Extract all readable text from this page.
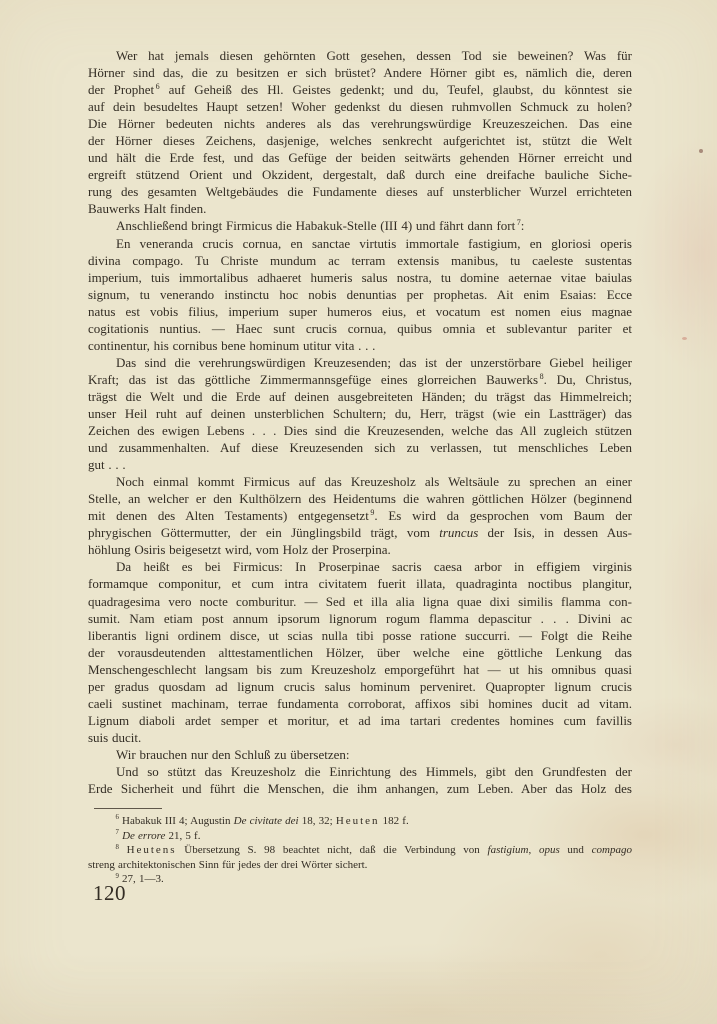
Wer hat jemals diesen gehörnten Gott gesehen, dessen Tod sie beweinen? Was für
Hörner sind das, die zu besitzen er sich brüstet? Andere Hörner gibt es, nämlich die, deren
der Prophet $^6$ auf Geheiß des Hl. Geistes gedenkt; und du, Teufel, glaubst, du könntest sie
auf dein besudeltes Haupt setzen! Woher gedenkst du diesen ruhmvollen Schmuck zu holen?
Die Hörner bedeuten nichts anderes als das verehrungswürdige Kreuzeszeichen. Das eine
der Hörner dieses Zeichens, dasjenige, welches senkrecht aufgerichtet ist, stützt die Welt
und hält die Erde fest, und das Gefüge der beiden seitwärts gehenden Hörner erreicht und
ergreift stützend Orient und Okzident, dergestalt, daß durch eine dreifache bauliche Siche-
rung des gesamten Weltgebäudes die Fundamente dieses auf unsterblicher Wurzel errichteten
Bauwerks Halt finden.
Anschließend bringt Firmicus die Habakuk-Stelle (III 4) und fährt dann fort $^7$:
En veneranda crucis cornua, en sanctae virtutis immortale fastigium, en gloriosi operis
divina compago. Tu Christe mundum ac terram extensis manibus, tu caeleste sustentas
imperium, tuis immortalibus adhaeret humeris salus nostra, tu domine aeternae vitae baiulas
signum, tu venerando instinctu hoc nobis denuntias per prophetas. Ait enim Esaias: Ecce
natus est vobis filius, imperium super humeros eius, et vocatum est nomen eius magnae
cogitationis nuntius. — Haec sunt crucis cornua, quibus omnia et sublevantur pariter et
continentur, his cornibus bene hominum utitur vita . . .
Das sind die verehrungswürdigen Kreuzesenden; das ist der unzerstörbare Giebel heiliger
Kraft; das ist das göttliche Zimmermannsgefüge eines glorreichen Bauwerks $^8$. Du, Christus,
trägst die Welt und die Erde auf deinen ausgebreiteten Händen; du trägst das Himmelreich;
unser Heil ruht auf deinen unsterblichen Schultern; du, Herr, trägst (wie ein Lastträger) das
Zeichen des ewigen Lebens . . . Dies sind die Kreuzesenden, welche das All zugleich stützen
und zusammenhalten. Auf diese Kreuzesenden sich zu verlassen, tut menschliches Leben
gut . . .
Noch einmal kommt Firmicus auf das Kreuzesholz als Weltsäule zu sprechen an einer
Stelle, an welcher er den Kulthölzern des Heidentums die wahren göttlichen Hölzer (beginnend
mit denen des Alten Testaments) entgegensetzt $^9$. Es wird da gesprochen vom Baum der
phrygischen Göttermutter, der ein Jünglingsbild trägt, vom truncus der Isis, in dessen Aus-
höhlung Osiris beigesetzt wird, vom Holz der Proserpina.
Da heißt es bei Firmicus: In Proserpinae sacris caesa arbor in effigiem virginis
formamque componitur, et cum intra civitatem fuerit illata, quadraginta noctibus plangitur,
quadragesima vero nocte comburitur. — Sed et illa alia ligna quae dixi similis flamma con-
sumit. Nam etiam post annum ipsorum lignorum rogum flamma depascitur . . . Divini ac
liberantis ligni ordinem disce, ut scias nulla tibi posse ratione succurri. — Folgt die Reihe
der vorausdeutenden alttestamentlichen Hölzer, über welche eine göttliche Lenkung das
Menschengeschlecht langsam bis zum Kreuzesholz emporgeführt hat — ut his omnibus quasi
per gradus quosdam ad lignum crucis salus hominum perveniret. Quapropter lignum crucis
caeli sustinet machinam, terrae fundamenta corroborat, affixos sibi homines ducit ad vitam.
Lignum diaboli ardet semper et moritur, et ad ima tartari credentes homines cum favillis
suis ducit.
Wir brauchen nur den Schluß zu übersetzen:
Und so stützt das Kreuzesholz die Einrichtung des Himmels, gibt den Grundfesten der
Erde Sicherheit und führt die Menschen, die ihm anhangen, zum Leben. Aber das Holz des
$^6$ Habakuk III 4; Augustin De civitate dei 18, 32; Heuten 182 f.
$^7$ De errore 21, 5 f.
$^8$ Heutens Übersetzung S. 98 beachtet nicht, daß die Verbindung von fastigium, opus und compago
streng architektonischen Sinn für jedes der drei Wörter sichert.
$^9$ 27, 1—3.
120
